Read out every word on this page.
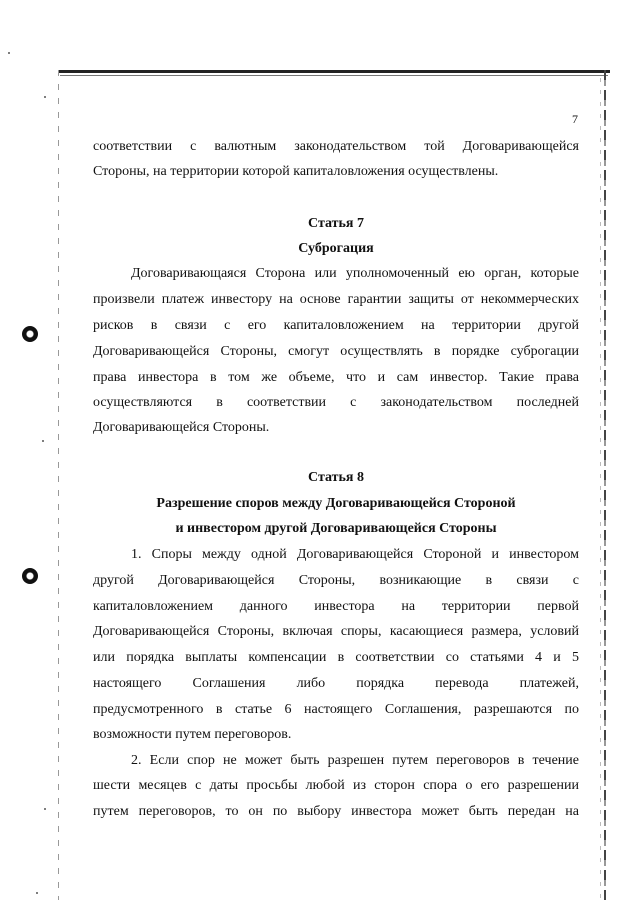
7
соответствии с валютным законодательством той Договаривающейся
Стороны, на территории которой капиталовложения осуществлены.
Статья 7
Суброгация
Договаривающаяся Сторона или уполномоченный ею орган, которые
произвели платеж инвестору на основе гарантии защиты от некоммерческих
рисков в связи с его капиталовложением на территории другой
Договаривающейся Стороны, смогут осуществлять в порядке суброгации
права инвестора в том же объеме, что и сам инвестор. Такие права
осуществляются в соответствии с законодательством последней
Договаривающейся Стороны.
Статья 8
Разрешение споров между Договаривающейся Стороной
и инвестором другой Договаривающейся Стороны
1. Споры между одной Договаривающейся Стороной и инвестором
другой Договаривающейся Стороны, возникающие в связи с
капиталовложением данного инвестора на территории первой
Договаривающейся Стороны, включая споры, касающиеся размера, условий
или порядка выплаты компенсации в соответствии со статьями 4 и 5
настоящего Соглашения либо порядка перевода платежей,
предусмотренного в статье 6 настоящего Соглашения, разрешаются по
возможности путем переговоров.
2. Если спор не может быть разрешен путем переговоров в течение
шести месяцев с даты просьбы любой из сторон спора о его разрешении
путем переговоров, то он по выбору инвестора может быть передан на
